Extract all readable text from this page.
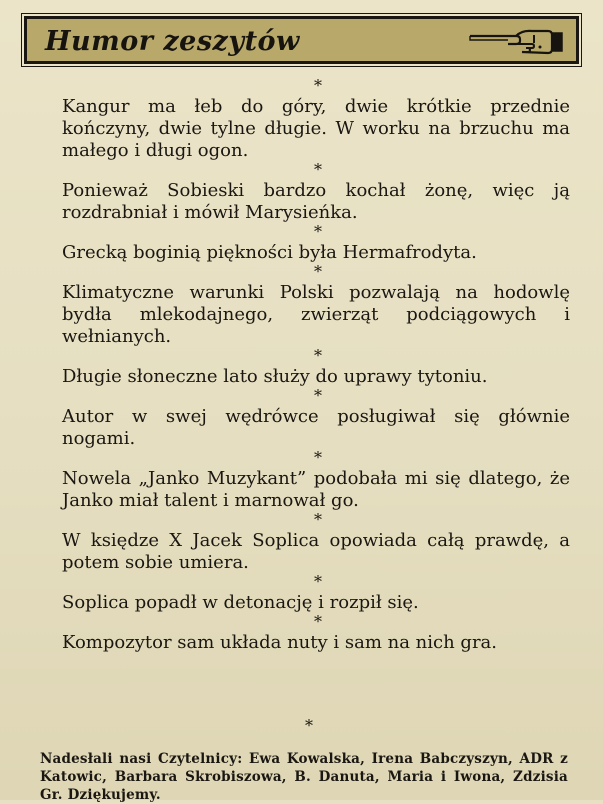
Humor zeszytów

*

Kangur ma łeb do góry, dwie krótkie przednie kończyny, dwie tylne długie. W worku na brzuchu ma małego i długi ogon.

*

Ponieważ Sobieski bardzo kochał żonę, więc ją rozdrabniał i mówił Marysieńka.

*

Grecką boginią piękności była Hermafrodyta.

*

Klimatyczne warunki Polski pozwalają na hodowlę bydła mlekodajnego, zwierząt podciągowych i wełnianych.

*

Długie słoneczne lato służy do uprawy tytoniu.

*

Autor w swej wędrówce posługiwał się głównie nogami.

*

Nowela „Janko Muzykant” podobała mi się dlatego, że Janko miał talent i marnował go.

*

W księdze X Jacek Soplica opowiada całą prawdę, a potem sobie umiera.

*

Soplica popadł w detonację i rozpił się.

*

Kompozytor sam układa nuty i sam na nich gra.

*

Nadesłali nasi Czytelnicy: Ewa Kowalska, Irena Babczyszyn, ADR z Katowic, Barbara Skrobiszowa, B. Danuta, Maria i Iwona, Zdzisia Gr. Dziękujemy.
